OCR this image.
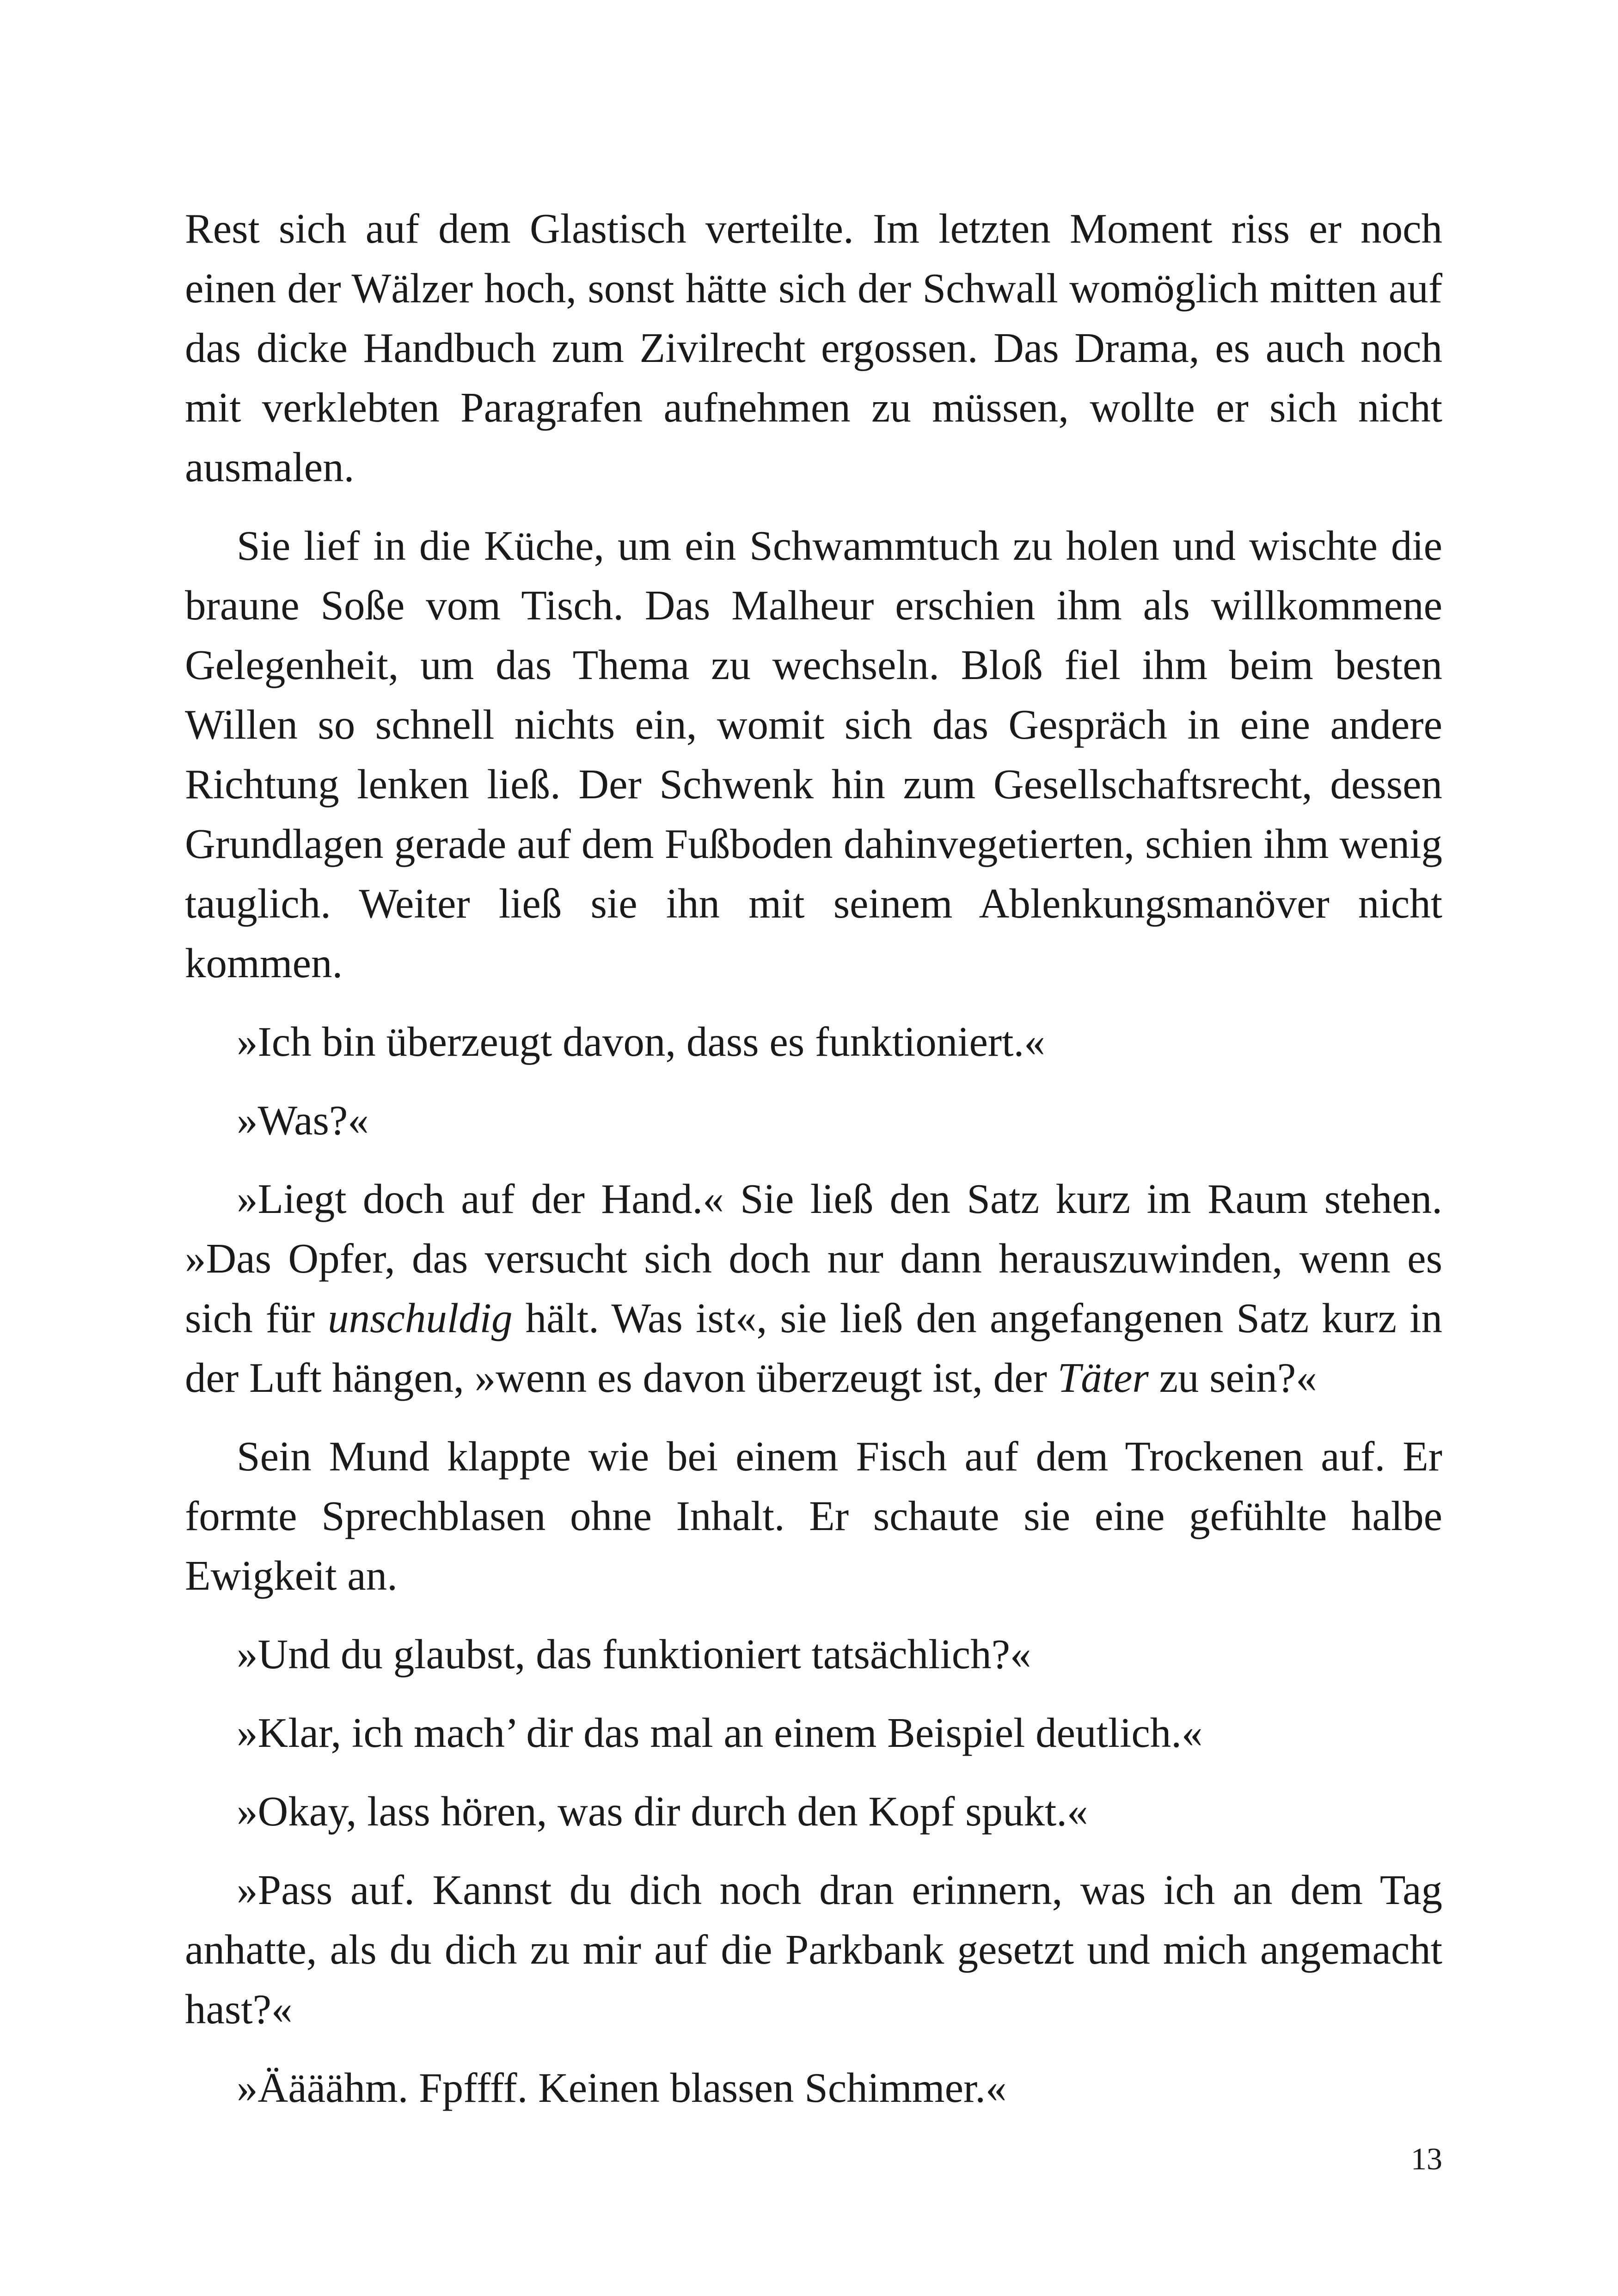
Rest sich auf dem Glastisch verteilte. Im letzten Moment riss er noch einen der Wälzer hoch, sonst hätte sich der Schwall womöglich mitten auf das dicke Handbuch zum Zivilrecht ergossen. Das Drama, es auch noch mit verklebten Paragrafen aufnehmen zu müssen, wollte er sich nicht ausmalen.

Sie lief in die Küche, um ein Schwammtuch zu holen und wischte die braune Soße vom Tisch. Das Malheur erschien ihm als willkommene Gelegenheit, um das Thema zu wechseln. Bloß fiel ihm beim besten Willen so schnell nichts ein, womit sich das Gespräch in eine andere Richtung lenken ließ. Der Schwenk hin zum Gesellschaftsrecht, dessen Grundlagen gerade auf dem Fußboden dahinvegetierten, schien ihm wenig tauglich. Weiter ließ sie ihn mit seinem Ablenkungsmanöver nicht kommen.

»Ich bin überzeugt davon, dass es funktioniert.«

»Was?«

»Liegt doch auf der Hand.« Sie ließ den Satz kurz im Raum stehen. »Das Opfer, das versucht sich doch nur dann herauszuwinden, wenn es sich für unschuldig hält. Was ist«, sie ließ den angefangenen Satz kurz in der Luft hängen, »wenn es davon überzeugt ist, der Täter zu sein?«

Sein Mund klappte wie bei einem Fisch auf dem Trockenen auf. Er formte Sprechblasen ohne Inhalt. Er schaute sie eine gefühlte halbe Ewigkeit an.

»Und du glaubst, das funktioniert tatsächlich?«

»Klar, ich mach’ dir das mal an einem Beispiel deutlich.«

»Okay, lass hören, was dir durch den Kopf spukt.«

»Pass auf. Kannst du dich noch dran erinnern, was ich an dem Tag anhatte, als du dich zu mir auf die Parkbank gesetzt und mich angemacht hast?«

»Äääähm. Fpffff. Keinen blassen Schimmer.«

13
